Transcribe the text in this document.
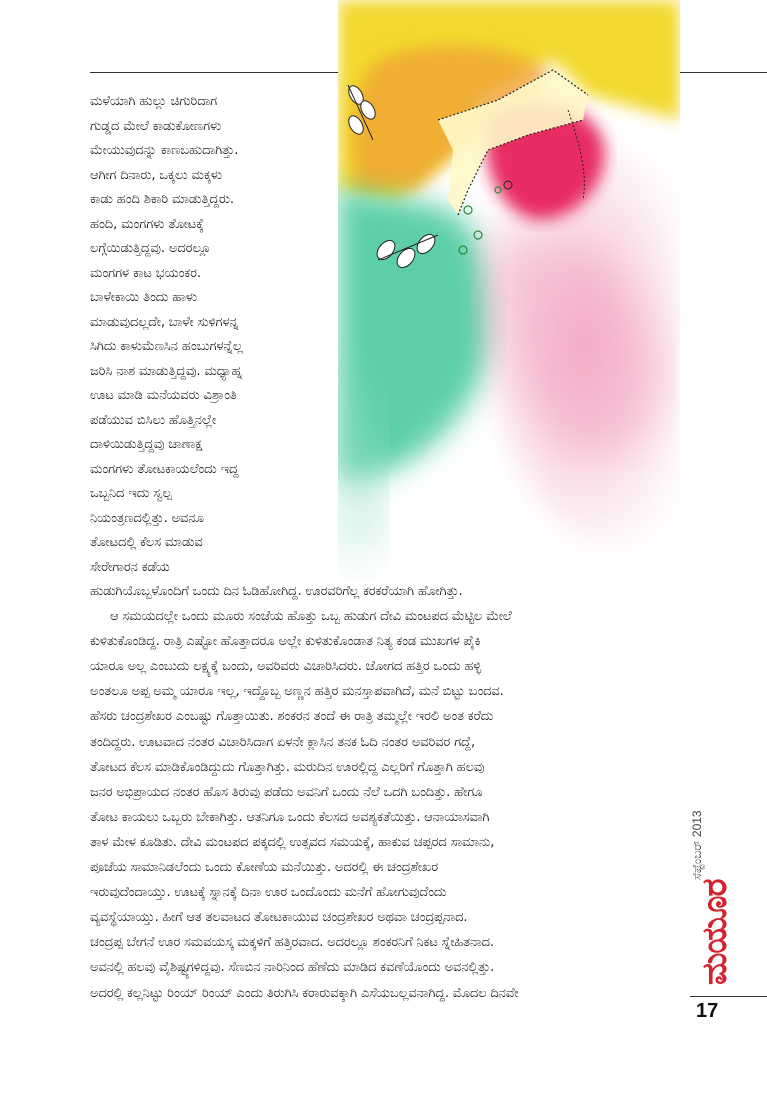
ಮಳೆಯಾಗಿ ಹುಲ್ಲು ಚಿಗುರಿದಾಗ
ಗುಡ್ಡದ ಮೇಲೆ ಕಾಡುಕೋಣಗಳು
ಮೇಯುವುದನ್ನು ಕಾಣಬಹುದಾಗಿತ್ತು.
ಆಗೀಗ ದಿನಾರು, ಒಕ್ಕಲು ಮಕ್ಕಳು
ಕಾಡು ಹಂದಿ ಶಿಕಾರಿ ಮಾಡುತ್ತಿದ್ದರು.
ಹಂದಿ, ಮಂಗಗಳು ತೋಟಕ್ಕೆ
ಲಗ್ಗೆಯಿಡುತ್ತಿದ್ದವು. ಅದರಲ್ಲೂ
ಮಂಗಗಳ ಕಾಟ ಭಯಂಕರ.
ಬಾಳೇಕಾಯಿ ತಿಂದು ಹಾಳು
ಮಾಡುವುದಲ್ಲದೇ, ಬಾಳೇ ಸುಳಿಗಳನ್ನ
ಸಿಗಿದು ಕಾಳುಮೆಣಸಿನ ಹಂಬುಗಳನ್ನೆಲ್ಲ
ಜರಿಸಿ ನಾಶ ಮಾಡುತ್ತಿದ್ದವು. ಮಧ್ಯಾಹ್ನ
ಊಟ ಮಾಡಿ ಮನೆಯವರು ವಿಶ್ರಾಂತಿ
ಪಡೆಯುವ ಬಿಸಿಲು ಹೊತ್ತಿನಲ್ಲೇ
ದಾಳಿಯಿಡುತ್ತಿದ್ದವು ಚಾಣಾಕ್ಷ
ಮಂಗಗಳು ತೋಟಕಾಯಲೆಂದು ಇದ್ದ
ಒಬ್ಬನಿದ ಇದು ಸ್ವಲ್ಪ
ನಿಯಂತ್ರಣದಲ್ಲಿತ್ತು. ಅವನೂ
ತೋಟದಲ್ಲಿ ಕೆಲಸ ಮಾಡುವ
ಸೇರೇಗಾರನ ಕಡೆಯ
ಹುಡುಗಿಯೊಬ್ಬಳೊಂದಿಗೆ ಒಂದು ದಿನ ಓಡಿಹೋಗಿದ್ದ. ಊರವರಿಗೆಲ್ಲ ಕರಕರೆಯಾಗಿ ಹೋಗಿತ್ತು.
ಆ ಸಮಯದಲ್ಲೇ ಒಂದು ಮೂರು ಸಂಜೆಯ ಹೊತ್ತು ಒಬ್ಬ ಹುಡುಗ ದೇವಿ ಮಂಟಪದ ಮೆಟ್ಟಿಲ ಮೇಲೆ
ಕುಳಿತುಕೊಂಡಿದ್ದ. ರಾತ್ರಿ ಎಷ್ಟೋ ಹೊತ್ತಾದರೂ ಅಲ್ಲೇ ಕುಳಿತುಕೊಂಡಾತ ನಿತ್ಯ ಕಂಡ ಮುಖಗಳ ಪೈಕಿ
ಯಾರೂ ಅಲ್ಲ ಎಂಬುದು ಲಕ್ಷ್ಯಕ್ಕೆ ಬಂದು, ಅವರಿವರು ವಿಚಾರಿಸಿದರು. ಜೋಗದ ಹತ್ತಿರ ಒಂದು ಹಳ್ಳಿ
ಅಂತಲೂ ಅಪ್ಪ ಅಮ್ಮ ಯಾರೂ ಇಲ್ಲ, ಇದ್ದೊಬ್ಬ ಅಣ್ಣನ ಹತ್ತಿರ ಮನಸ್ತಾಪವಾಗಿದೆ, ಮನೆ ಬಿಟ್ಟು ಬಂದವ.
ಹೆಸರು ಚಂದ್ರಶೇಖರ ಎಂಬಷ್ಟು ಗೊತ್ತಾಯಿತು. ಶಂಕರನ ತಂದೆ ಈ ರಾತ್ರಿ ತಮ್ಮಲ್ಲೇ ಇರಲಿ ಅಂತ ಕರೆದು
ತಂದಿದ್ದರು. ಊಟವಾದ ನಂತರ ವಿಚಾರಿಸಿದಾಗ ಏಳನೇ ಕ್ಲಾಸಿನ ತನಕ ಓದಿ ನಂತರ ಅವರಿವರ ಗದ್ದೆ,
ತೋಟದ ಕೆಲಸ ಮಾಡಿಕೊಂಡಿದ್ದುದು ಗೊತ್ತಾಗಿತ್ತು. ಮರುದಿನ ಊರಲ್ಲಿದ್ದ ಎಲ್ಲರಿಗೆ ಗೊತ್ತಾಗಿ ಹಲವು
ಜನರ ಅಭಿಪ್ರಾಯದ ನಂತರ ಹೊಸ ತಿರುವು ಪಡೆದು ಅವನಿಗೆ ಒಂದು ನೆಲೆ ಒದಗಿ ಬಂದಿತ್ತು. ಹೇಗೂ
ತೋಟ ಕಾಯಲು ಒಬ್ಬರು ಬೇಕಾಗಿತ್ತು. ಆತನಿಗೂ ಒಂದು ಕೆಲಸದ ಅವಶ್ಯಕತೆಯಿತ್ತು. ಆನಾಯಾಸವಾಗಿ
ತಾಳ ಮೇಳ ಕೂಡಿತು. ದೇವಿ ಮಂಟಪದ ಪಕ್ಕದಲ್ಲಿ ಉತ್ಸವದ ಸಮಯಕ್ಕೆ, ಹಾಕುವ ಚಪ್ಪರದ ಸಾಮಾನು,
ಪೂಜೆಯ ಸಾಮಾನಿಡಲೆಂದು ಒಂದು ಕೋಣೆಯ ಮನೆಯಿತ್ತು. ಅದರಲ್ಲಿ ಈ ಚಂದ್ರಶೇಖರ
ಇರುವುದೆಂದಾಯ್ತು. ಊಟಕ್ಕೆ ಸ್ನಾನಕ್ಕೆ ದಿನಾ ಊರ ಒಂದೊಂದು ಮನೆಗೆ ಹೋಗುವುದೆಂದು
ವ್ಯವಸ್ಥೆಯಾಯ್ತು. ಹೀಗೆ ಆತ ತಲವಾಟದ ತೋಟಕಾಯುವ ಚಂದ್ರಶೇಖರ ಅಥವಾ ಚಂದ್ರಪ್ಪನಾದ.
ಚಂದ್ರಪ್ಪ ಬೇಗನೆ ಊರ ಸಮವಯಸ್ಕ ಮಕ್ಕಳಿಗೆ ಹತ್ತಿರವಾದ. ಅದರಲ್ಲೂ ಶಂಕರನಿಗೆ ನಿಕಟ ಸ್ನೇಹಿತನಾದ.
ಅವನಲ್ಲಿ ಹಲವು ವೈಶಿಷ್ಟ್ಯಗಳಿದ್ದವು. ಸೆಣಬಿನ ನಾರಿನಿಂದ ಹೆಣೆದು ಮಾಡಿದ ಕವಣೆಯೊಂದು ಅವನಲ್ಲಿತ್ತು.
ಅದರಲ್ಲಿ ಕಲ್ಲನಿಟ್ಟು ರಿಂಯ್ ರಿಂಯ್ ಎಂದು ತಿರುಗಿಸಿ ಕರಾರುವಕ್ಕಾಗಿ ಎಸೆಯಬಲ್ಲವನಾಗಿದ್ದ. ಮೊದಲ ದಿನವೇ
ಸೆಪ್ಟೆಂಬರ್ 2013
ಮಯೂರ
17
